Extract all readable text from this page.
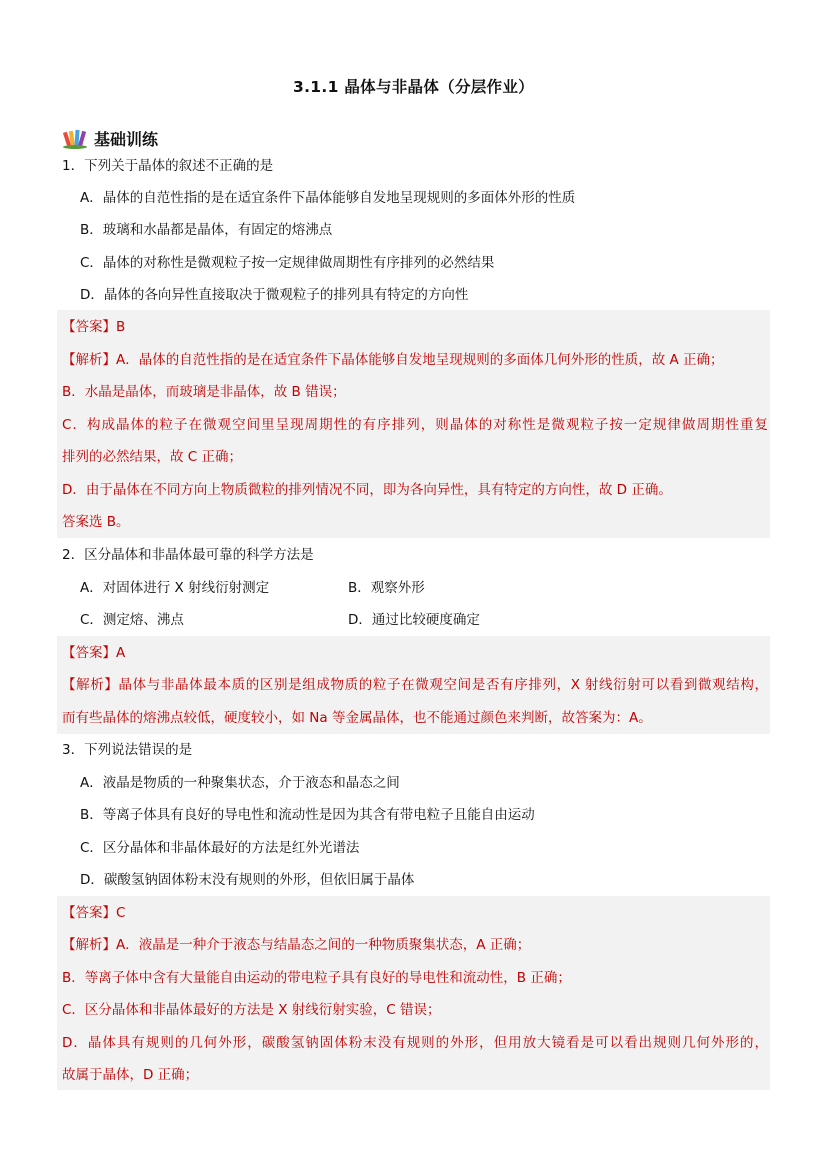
3.1.1 晶体与非晶体（分层作业）
基础训练
1．下列关于晶体的叙述不正确的是
A．晶体的自范性指的是在适宜条件下晶体能够自发地呈现规则的多面体外形的性质
B．玻璃和水晶都是晶体，有固定的熔沸点
C．晶体的对称性是微观粒子按一定规律做周期性有序排列的必然结果
D．晶体的各向异性直接取决于微观粒子的排列具有特定的方向性
【答案】B
【解析】A．晶体的自范性指的是在适宜条件下晶体能够自发地呈现规则的多面体几何外形的性质，故 A 正确；
B．水晶是晶体，而玻璃是非晶体，故 B 错误；
C．构成晶体的粒子在微观空间里呈现周期性的有序排列，则晶体的对称性是微观粒子按一定规律做周期性重复
排列的必然结果，故 C 正确；
D．由于晶体在不同方向上物质微粒的排列情况不同，即为各向异性，具有特定的方向性，故 D 正确。
答案选 B。
2．区分晶体和非晶体最可靠的科学方法是
A．对固体进行 X 射线衍射测定	B．观察外形
C．测定熔、沸点	D．通过比较硬度确定
【答案】A
【解析】晶体与非晶体最本质的区别是组成物质的粒子在微观空间是否有序排列，X 射线衍射可以看到微观结构，
而有些晶体的熔沸点较低，硬度较小，如 Na 等金属晶体，也不能通过颜色来判断，故答案为：A。
3．下列说法错误的是
A．液晶是物质的一种聚集状态，介于液态和晶态之间
B．等离子体具有良好的导电性和流动性是因为其含有带电粒子且能自由运动
C．区分晶体和非晶体最好的方法是红外光谱法
D．碳酸氢钠固体粉末没有规则的外形，但依旧属于晶体
【答案】C
【解析】A．液晶是一种介于液态与结晶态之间的一种物质聚集状态，A 正确；
B．等离子体中含有大量能自由运动的带电粒子具有良好的导电性和流动性，B 正确；
C．区分晶体和非晶体最好的方法是 X 射线衍射实验，C 错误；
D．晶体具有规则的几何外形，碳酸氢钠固体粉末没有规则的外形，但用放大镜看是可以看出规则几何外形的，
故属于晶体，D 正确；
